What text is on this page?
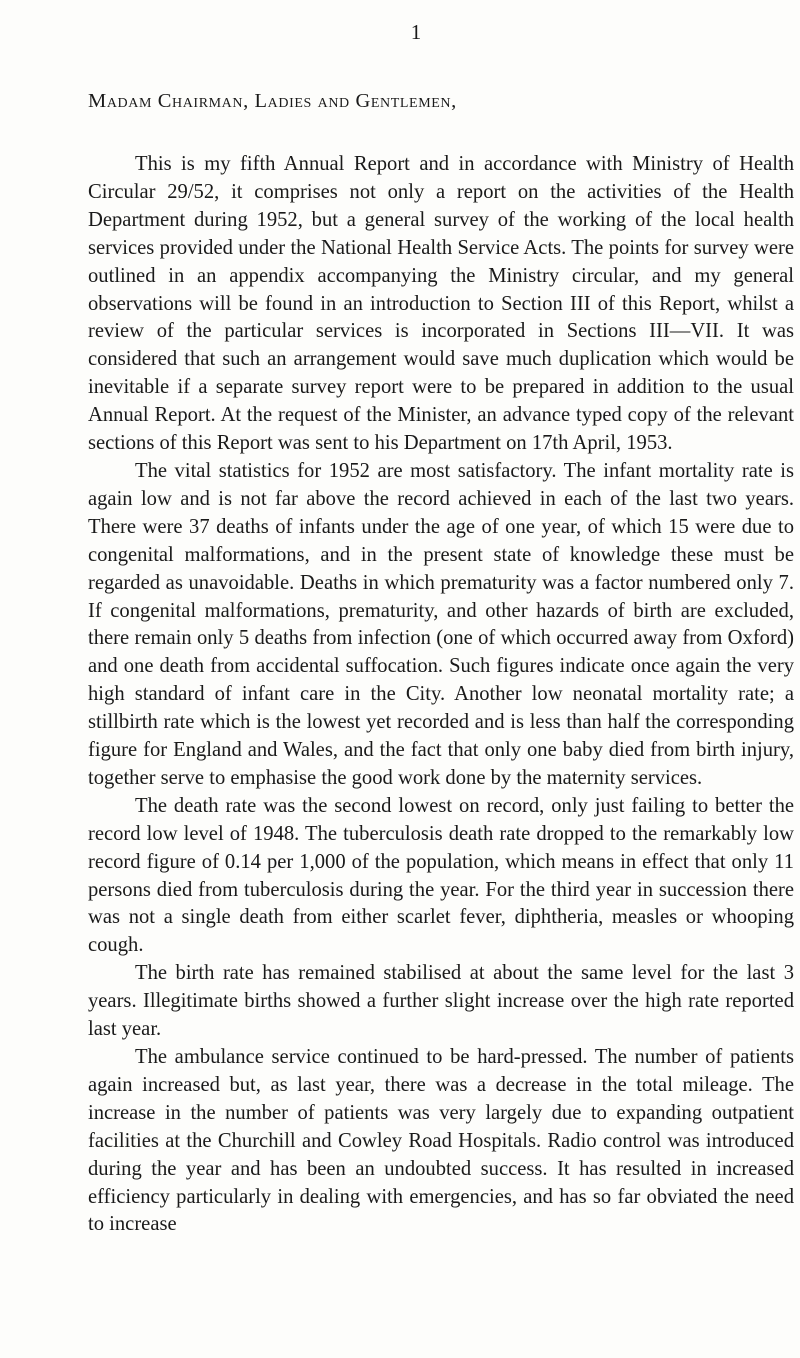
1
Madam Chairman, Ladies and Gentlemen,

This is my fifth Annual Report and in accordance with Ministry of Health Circular 29/52, it comprises not only a report on the activities of the Health Department during 1952, but a general survey of the working of the local health services provided under the National Health Service Acts. The points for survey were outlined in an appendix accompanying the Ministry circular, and my general observations will be found in an introduction to Section III of this Report, whilst a review of the particular services is incorporated in Sections III—VII. It was considered that such an arrangement would save much duplication which would be inevitable if a separate survey report were to be prepared in addition to the usual Annual Report. At the request of the Minister, an advance typed copy of the relevant sections of this Report was sent to his Department on 17th April, 1953.

The vital statistics for 1952 are most satisfactory. The infant mortality rate is again low and is not far above the record achieved in each of the last two years. There were 37 deaths of infants under the age of one year, of which 15 were due to congenital malformations, and in the present state of knowledge these must be regarded as unavoidable. Deaths in which prematurity was a factor numbered only 7. If congenital malformations, prematurity, and other hazards of birth are excluded, there remain only 5 deaths from infection (one of which occurred away from Oxford) and one death from accidental suffocation. Such figures indicate once again the very high standard of infant care in the City. Another low neonatal mortality rate; a stillbirth rate which is the lowest yet recorded and is less than half the corresponding figure for England and Wales, and the fact that only one baby died from birth injury, together serve to emphasise the good work done by the maternity services.

The death rate was the second lowest on record, only just failing to better the record low level of 1948. The tuberculosis death rate dropped to the remarkably low record figure of 0.14 per 1,000 of the population, which means in effect that only 11 persons died from tuberculosis during the year. For the third year in succession there was not a single death from either scarlet fever, diphtheria, measles or whooping cough.

The birth rate has remained stabilised at about the same level for the last 3 years. Illegitimate births showed a further slight increase over the high rate reported last year.

The ambulance service continued to be hard-pressed. The number of patients again increased but, as last year, there was a decrease in the total mileage. The increase in the number of patients was very largely due to expanding outpatient facilities at the Churchill and Cowley Road Hospitals. Radio control was introduced during the year and has been an undoubted success. It has resulted in increased efficiency particularly in dealing with emergencies, and has so far obviated the need to increase
